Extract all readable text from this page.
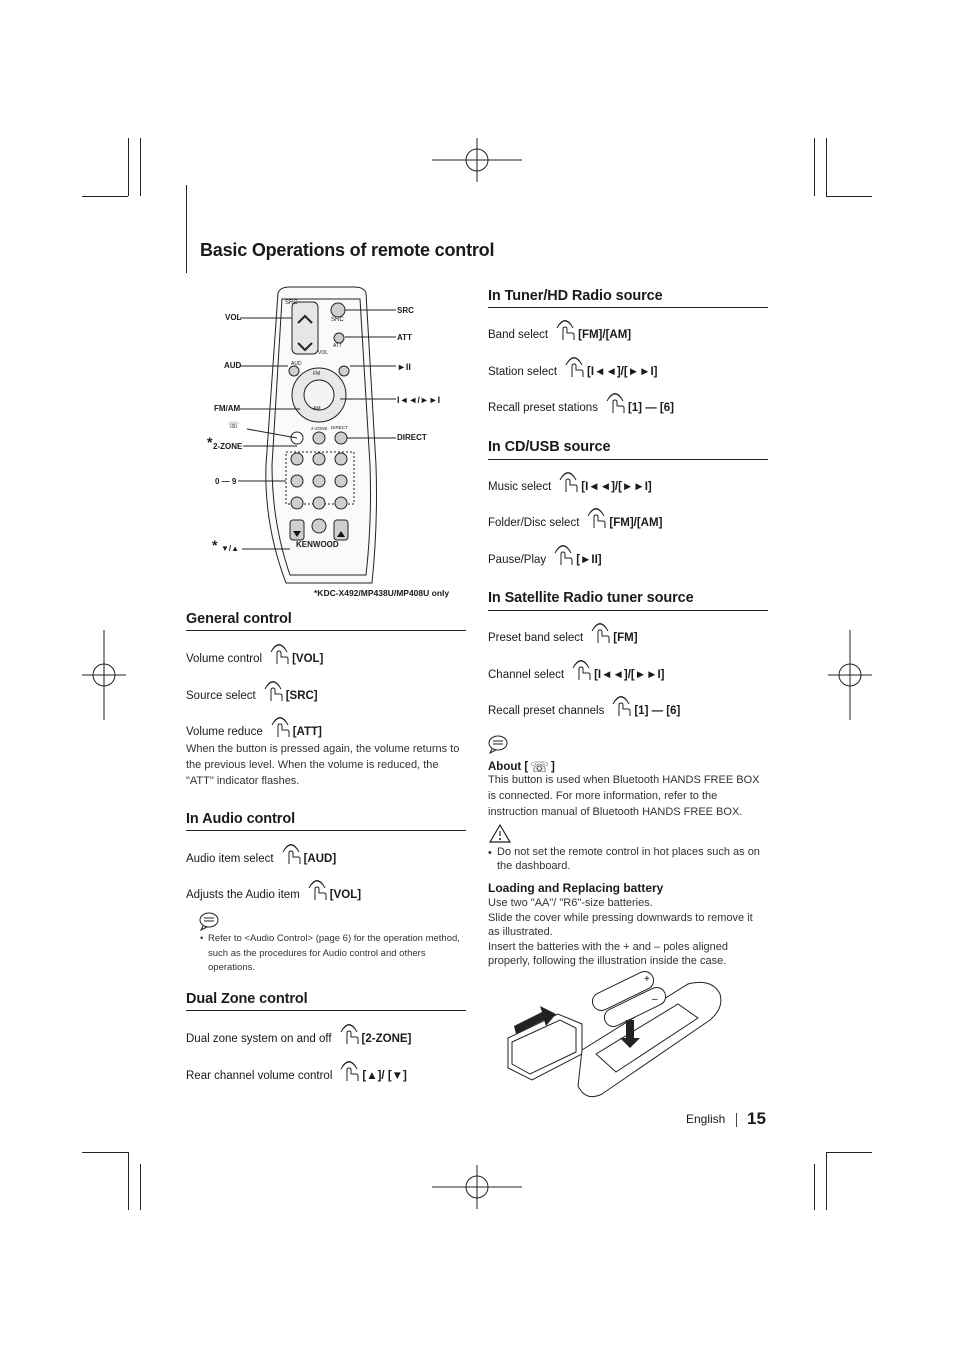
Basic Operations of remote control
SRC
VOL
AUD
FM/AM
☏
* 2-ZONE
0 — 9
* ▼/▲
SRC
ATT
►II
I◄◄/►►I
DIRECT
SRC
ATT
VOL
AUD
FM
AM
2-ZONE DIRECT
KENWOOD
*KDC-X492/MP438U/MP408U only
General control
Volume control	[VOL]
Source select	[SRC]
Volume reduce	[ATT]
When the button is pressed again, the volume returns to the previous level. When the volume is reduced, the "ATT" indicator flashes.
In Audio control
Audio item select	[AUD]
Adjusts the Audio item	[VOL]
• Refer to <Audio Control> (page 6) for the operation method, such as the procedures for Audio control and others operations.
Dual Zone control
Dual zone system on and off	[2-ZONE]
Rear channel volume control	[▲]/ [▼]
In Tuner/HD Radio source
Band select	[FM]/[AM]
Station select	[I◄◄]/[►►I]
Recall preset stations	[1] — [6]
In CD/USB source
Music select	[I◄◄]/[►►I]
Folder/Disc select	[FM]/[AM]
Pause/Play	[►II]
In Satellite Radio tuner source
Preset band select	[FM]
Channel select	[I◄◄]/[►►I]
Recall preset channels	[1] — [6]
About [ ☏ ]
This button is used when Bluetooth HANDS FREE BOX is connected. For more information, refer to the instruction manual of Bluetooth HANDS FREE BOX.
• Do not set the remote control in hot places such as on the dashboard.
Loading and Replacing battery
Use two "AA"/ "R6"-size batteries.
Slide the cover while pressing downwards to remove it as illustrated.
Insert the batteries with the + and – poles aligned properly, following the illustration inside the case.
+
–
English 15
